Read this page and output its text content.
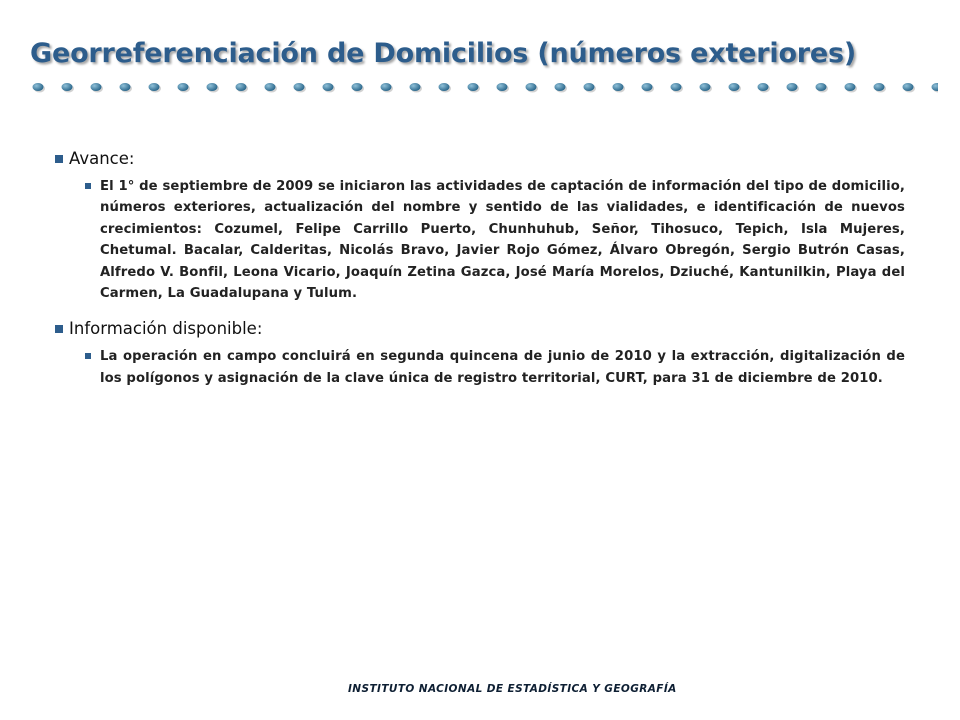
Georreferenciación de Domicilios (números exteriores)
Avance:
El 1° de septiembre de 2009 se iniciaron las actividades de captación de información del tipo de domicilio, números exteriores, actualización del nombre y sentido de las vialidades, e identificación de nuevos crecimientos: Cozumel, Felipe Carrillo Puerto, Chunhuhub, Señor, Tihosuco, Tepich, Isla Mujeres, Chetumal. Bacalar, Calderitas, Nicolás Bravo, Javier Rojo Gómez, Álvaro Obregón, Sergio Butrón Casas, Alfredo V. Bonfil, Leona Vicario, Joaquín Zetina Gazca, José María Morelos, Dziuché, Kantunilkin, Playa del Carmen, La Guadalupana y Tulum.
Información disponible:
La operación en campo concluirá en segunda quincena de junio de 2010 y la extracción, digitalización de los polígonos y asignación de la clave única de registro territorial, CURT, para 31 de diciembre de 2010.
INSTITUTO NACIONAL DE ESTADÍSTICA Y GEOGRAFÍA
